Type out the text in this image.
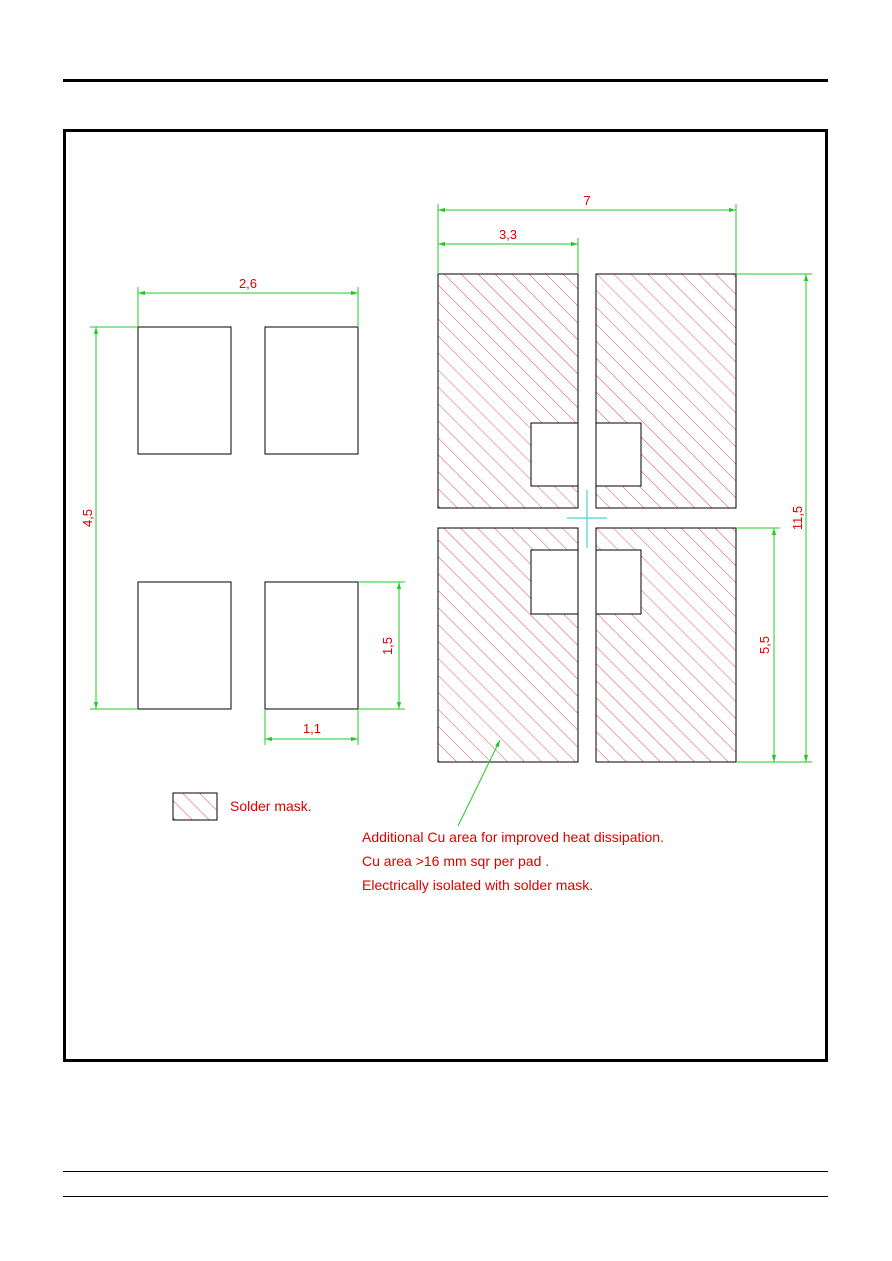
2,6
4,5
1,5
1,1
7
3,3
11,5
5,5
Solder mask.
Additional Cu area for improved heat dissipation.
Cu area >16 mm sqr per pad .
Electrically isolated with solder mask.
